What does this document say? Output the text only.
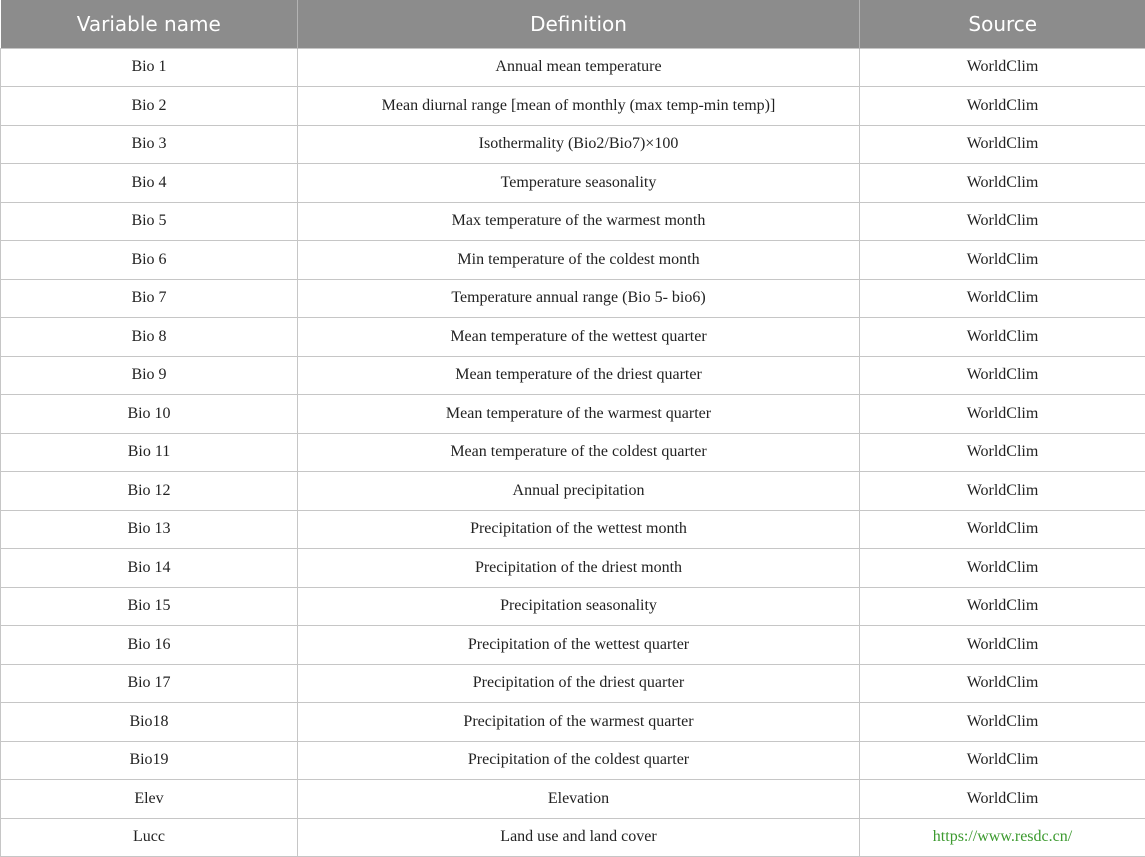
Variable name	Definition	Source
Bio 1	Annual mean temperature	WorldClim
Bio 2	Mean diurnal range [mean of monthly (max temp-min temp)]	WorldClim
Bio 3	Isothermality (Bio2/Bio7)×100	WorldClim
Bio 4	Temperature seasonality	WorldClim
Bio 5	Max temperature of the warmest month	WorldClim
Bio 6	Min temperature of the coldest month	WorldClim
Bio 7	Temperature annual range (Bio 5- bio6)	WorldClim
Bio 8	Mean temperature of the wettest quarter	WorldClim
Bio 9	Mean temperature of the driest quarter	WorldClim
Bio 10	Mean temperature of the warmest quarter	WorldClim
Bio 11	Mean temperature of the coldest quarter	WorldClim
Bio 12	Annual precipitation	WorldClim
Bio 13	Precipitation of the wettest month	WorldClim
Bio 14	Precipitation of the driest month	WorldClim
Bio 15	Precipitation seasonality	WorldClim
Bio 16	Precipitation of the wettest quarter	WorldClim
Bio 17	Precipitation of the driest quarter	WorldClim
Bio18	Precipitation of the warmest quarter	WorldClim
Bio19	Precipitation of the coldest quarter	WorldClim
Elev	Elevation	WorldClim
Lucc	Land use and land cover	https://www.resdc.cn/
